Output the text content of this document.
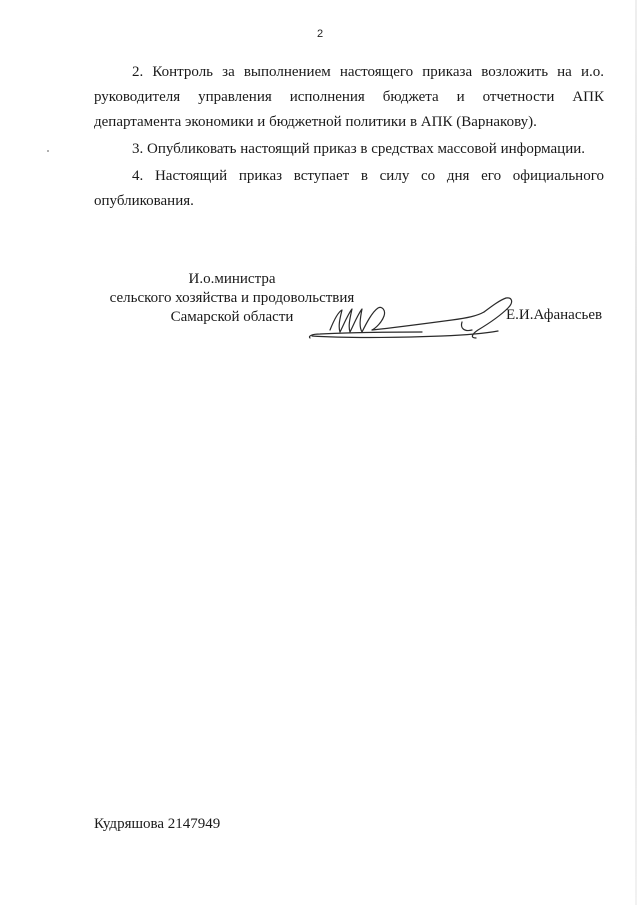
2

2. Контроль за выполнением настоящего приказа возложить на и.о. руководителя управления исполнения бюджета и отчетности АПК департамента экономики и бюджетной политики в АПК (Варнакову).

3. Опубликовать настоящий приказ в средствах массовой информации.

4. Настоящий приказ вступает в силу со дня его официального опубликования.

И.о.министра
сельского хозяйства и продовольствия
Самарской области	Е.И.Афанасьев
Кудряшова 2147949
